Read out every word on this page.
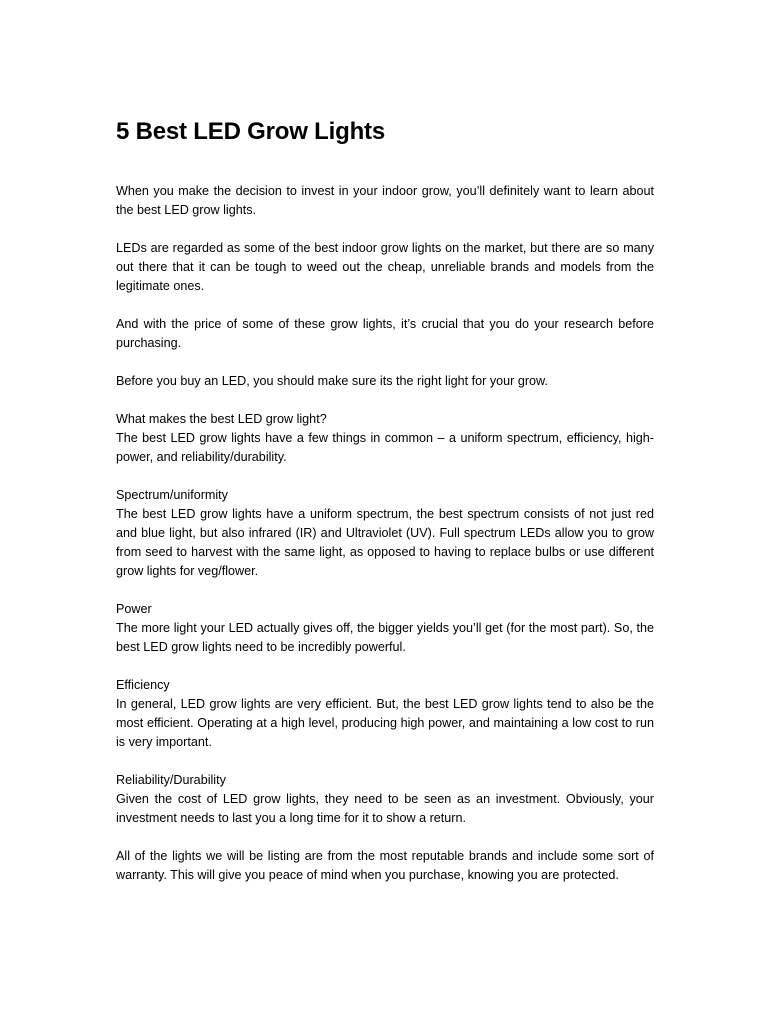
5 Best LED Grow Lights

When you make the decision to invest in your indoor grow, you’ll definitely want to learn about the best LED grow lights.

LEDs are regarded as some of the best indoor grow lights on the market, but there are so many out there that it can be tough to weed out the cheap, unreliable brands and models from the legitimate ones.

And with the price of some of these grow lights, it’s crucial that you do your research before purchasing.

Before you buy an LED, you should make sure its the right light for your grow.

What makes the best LED grow light?

The best LED grow lights have a few things in common – a uniform spectrum, efficiency, high-power, and reliability/durability.

Spectrum/uniformity

The best LED grow lights have a uniform spectrum, the best spectrum consists of not just red and blue light, but also infrared (IR) and Ultraviolet (UV). Full spectrum LEDs allow you to grow from seed to harvest with the same light, as opposed to having to replace bulbs or use different grow lights for veg/flower.

Power

The more light your LED actually gives off, the bigger yields you’ll get (for the most part). So, the best LED grow lights need to be incredibly powerful.

Efficiency

In general, LED grow lights are very efficient. But, the best LED grow lights tend to also be the most efficient. Operating at a high level, producing high power, and maintaining a low cost to run is very important.

Reliability/Durability

Given the cost of LED grow lights, they need to be seen as an investment. Obviously, your investment needs to last you a long time for it to show a return.

All of the lights we will be listing are from the most reputable brands and include some sort of warranty. This will give you peace of mind when you purchase, knowing you are protected.
